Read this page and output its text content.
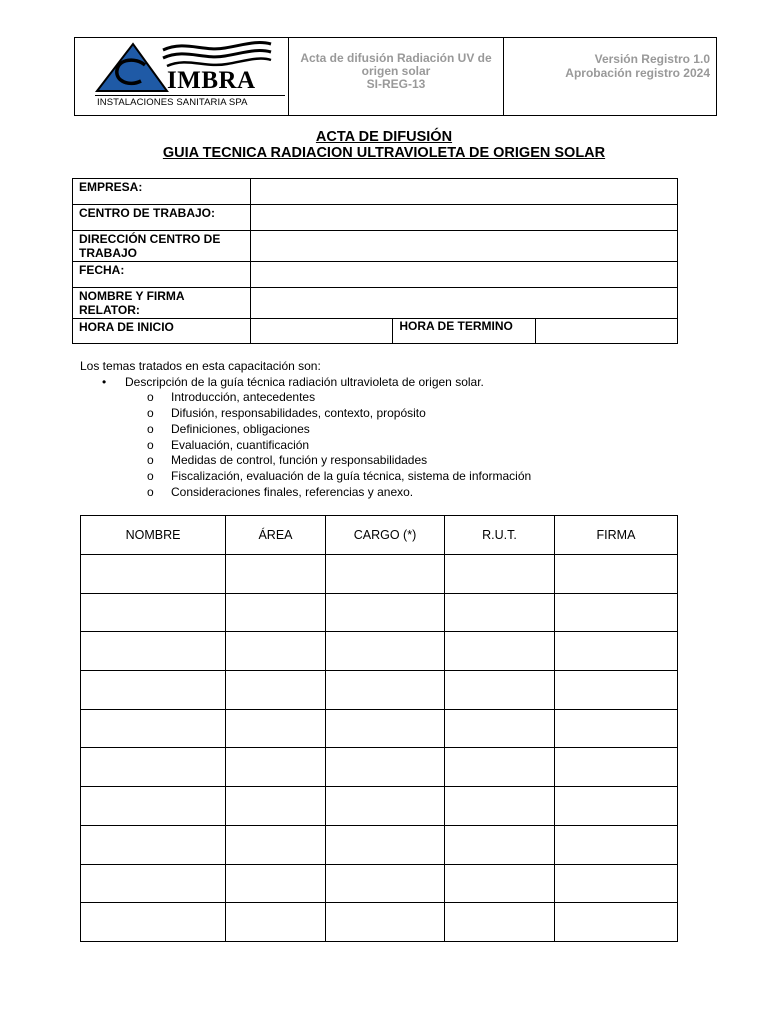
IMBRA
INSTALACIONES SANITARIA SPA

Acta de difusión Radiación UV de
origen solar
SI-REG-13

Versión Registro 1.0
Aprobación registro 2024
ACTA DE DIFUSIÓN
GUIA TECNICA RADIACION ULTRAVIOLETA DE ORIGEN SOLAR
EMPRESA:			
CENTRO DE TRABAJO:			
DIRECCIÓN CENTRO DE TRABAJO			
FECHA:			
NOMBRE Y FIRMA RELATOR:			
HORA DE INICIO		HORA DE TERMINO	
Los temas tratados en esta capacitación son:
• Descripción de la guía técnica radiación ultravioleta de origen solar.
o Introducción, antecedentes
o Difusión, responsabilidades, contexto, propósito
o Definiciones, obligaciones
o Evaluación, cuantificación
o Medidas de control, función y responsabilidades
o Fiscalización, evaluación de la guía técnica, sistema de información
o Consideraciones finales, referencias y anexo.
NOMBRE	ÁREA	CARGO (*)	R.U.T.	FIRMA
